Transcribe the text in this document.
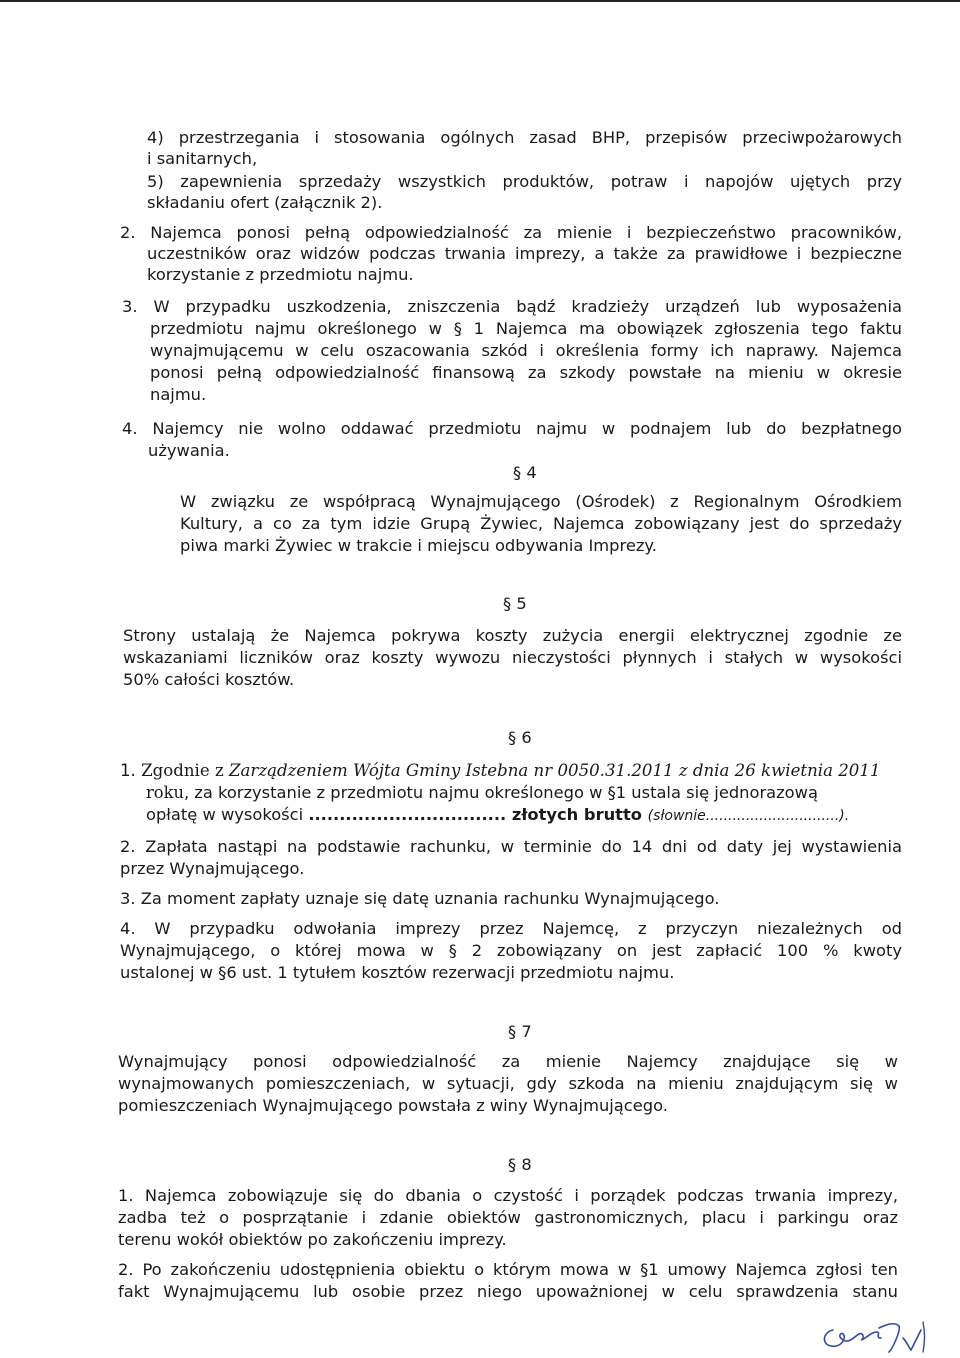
4) przestrzegania i stosowania ogólnych zasad BHP, przepisów przeciwpożarowych
i sanitarnych,
5) zapewnienia sprzedaży wszystkich produktów, potraw i napojów ujętych przy
składaniu ofert (załącznik 2).
2. Najemca ponosi pełną odpowiedzialność za mienie i bezpieczeństwo pracowników,
uczestników oraz widzów podczas trwania imprezy, a także za prawidłowe i bezpieczne
korzystanie z przedmiotu najmu.
3. W przypadku uszkodzenia, zniszczenia bądź kradzieży urządzeń lub wyposażenia
przedmiotu najmu określonego w § 1 Najemca ma obowiązek zgłoszenia tego faktu
wynajmującemu w celu oszacowania szkód i określenia formy ich naprawy. Najemca
ponosi pełną odpowiedzialność finansową za szkody powstałe na mieniu w okresie
najmu.
4. Najemcy nie wolno oddawać przedmiotu najmu w podnajem lub do bezpłatnego
używania.
§ 4
W związku ze współpracą Wynajmującego (Ośrodek) z Regionalnym Ośrodkiem
Kultury, a co za tym idzie Grupą Żywiec, Najemca zobowiązany jest do sprzedaży
piwa marki Żywiec w trakcie i miejscu odbywania Imprezy.
§ 5
Strony ustalają że Najemca pokrywa koszty zużycia energii elektrycznej zgodnie ze
wskazaniami liczników oraz koszty wywozu nieczystości płynnych i stałych w wysokości
50% całości kosztów.
§ 6
1. Zgodnie z Zarządzeniem Wójta Gminy Istebna nr 0050.31.2011 z dnia 26 kwietnia 2011
roku, za korzystanie z przedmiotu najmu określonego w §1 ustala się jednorazową
opłatę w wysokości ................................ złotych brutto (słownie..............................).
2. Zapłata nastąpi na podstawie rachunku, w terminie do 14 dni od daty jej wystawienia
przez Wynajmującego.
3. Za moment zapłaty uznaje się datę uznania rachunku Wynajmującego.
4. W przypadku odwołania imprezy przez Najemcę, z przyczyn niezależnych od
Wynajmującego, o której mowa w § 2 zobowiązany on jest zapłacić 100 % kwoty
ustalonej w §6 ust. 1 tytułem kosztów rezerwacji przedmiotu najmu.
§ 7
Wynajmujący ponosi odpowiedzialność za mienie Najemcy znajdujące się w
wynajmowanych pomieszczeniach, w sytuacji, gdy szkoda na mieniu znajdującym się w
pomieszczeniach Wynajmującego powstała z winy Wynajmującego.
§ 8
1. Najemca zobowiązuje się do dbania o czystość i porządek podczas trwania imprezy,
zadba też o posprzątanie i zdanie obiektów gastronomicznych, placu i parkingu oraz
terenu wokół obiektów po zakończeniu imprezy.
2. Po zakończeniu udostępnienia obiektu o którym mowa w §1 umowy Najemca zgłosi ten
fakt Wynajmującemu lub osobie przez niego upoważnionej w celu sprawdzenia stanu
